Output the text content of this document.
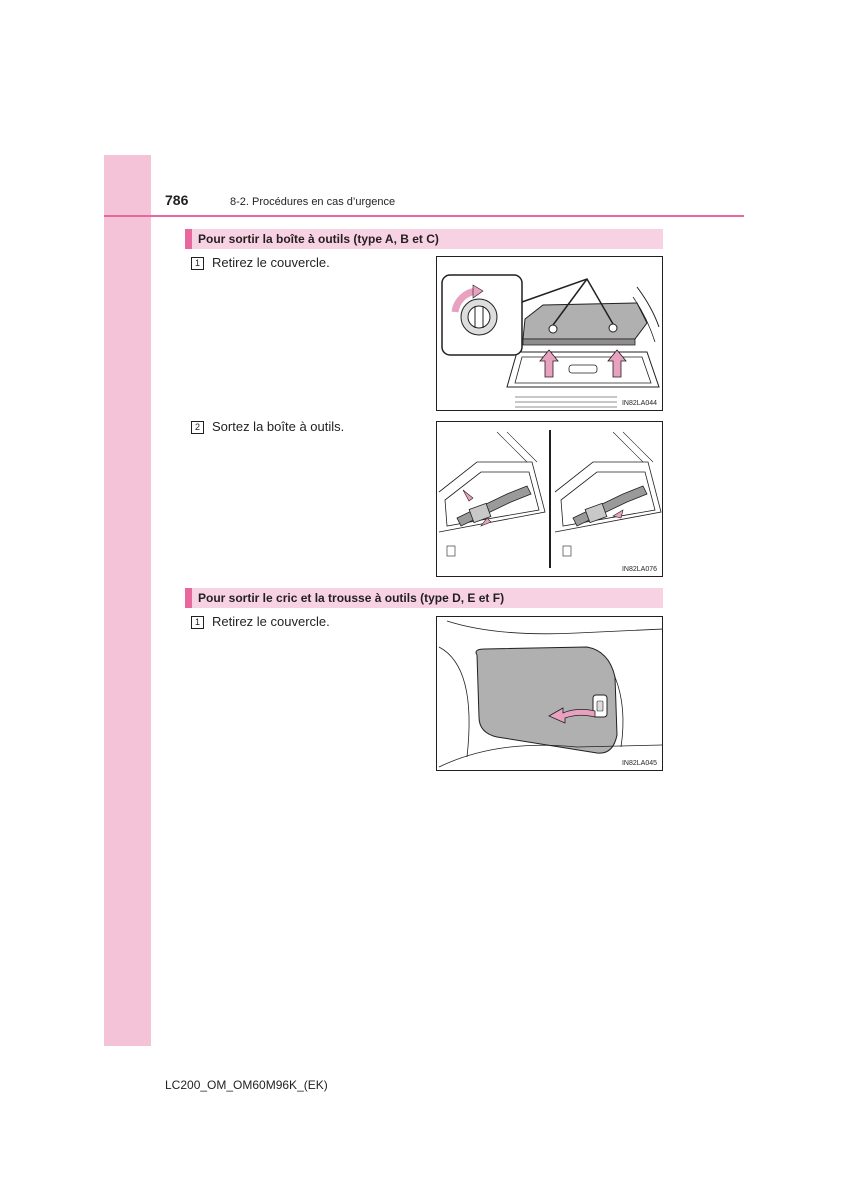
786	8-2. Procédures en cas d’urgence
Pour sortir la boîte à outils (type A, B et C)
1 Retirez le couvercle.
IN82LA044
2 Sortez la boîte à outils.
IN82LA076
Pour sortir le cric et la trousse à outils (type D, E et F)
1 Retirez le couvercle.
IN82LA045
LC200_OM_OM60M96K_(EK)
